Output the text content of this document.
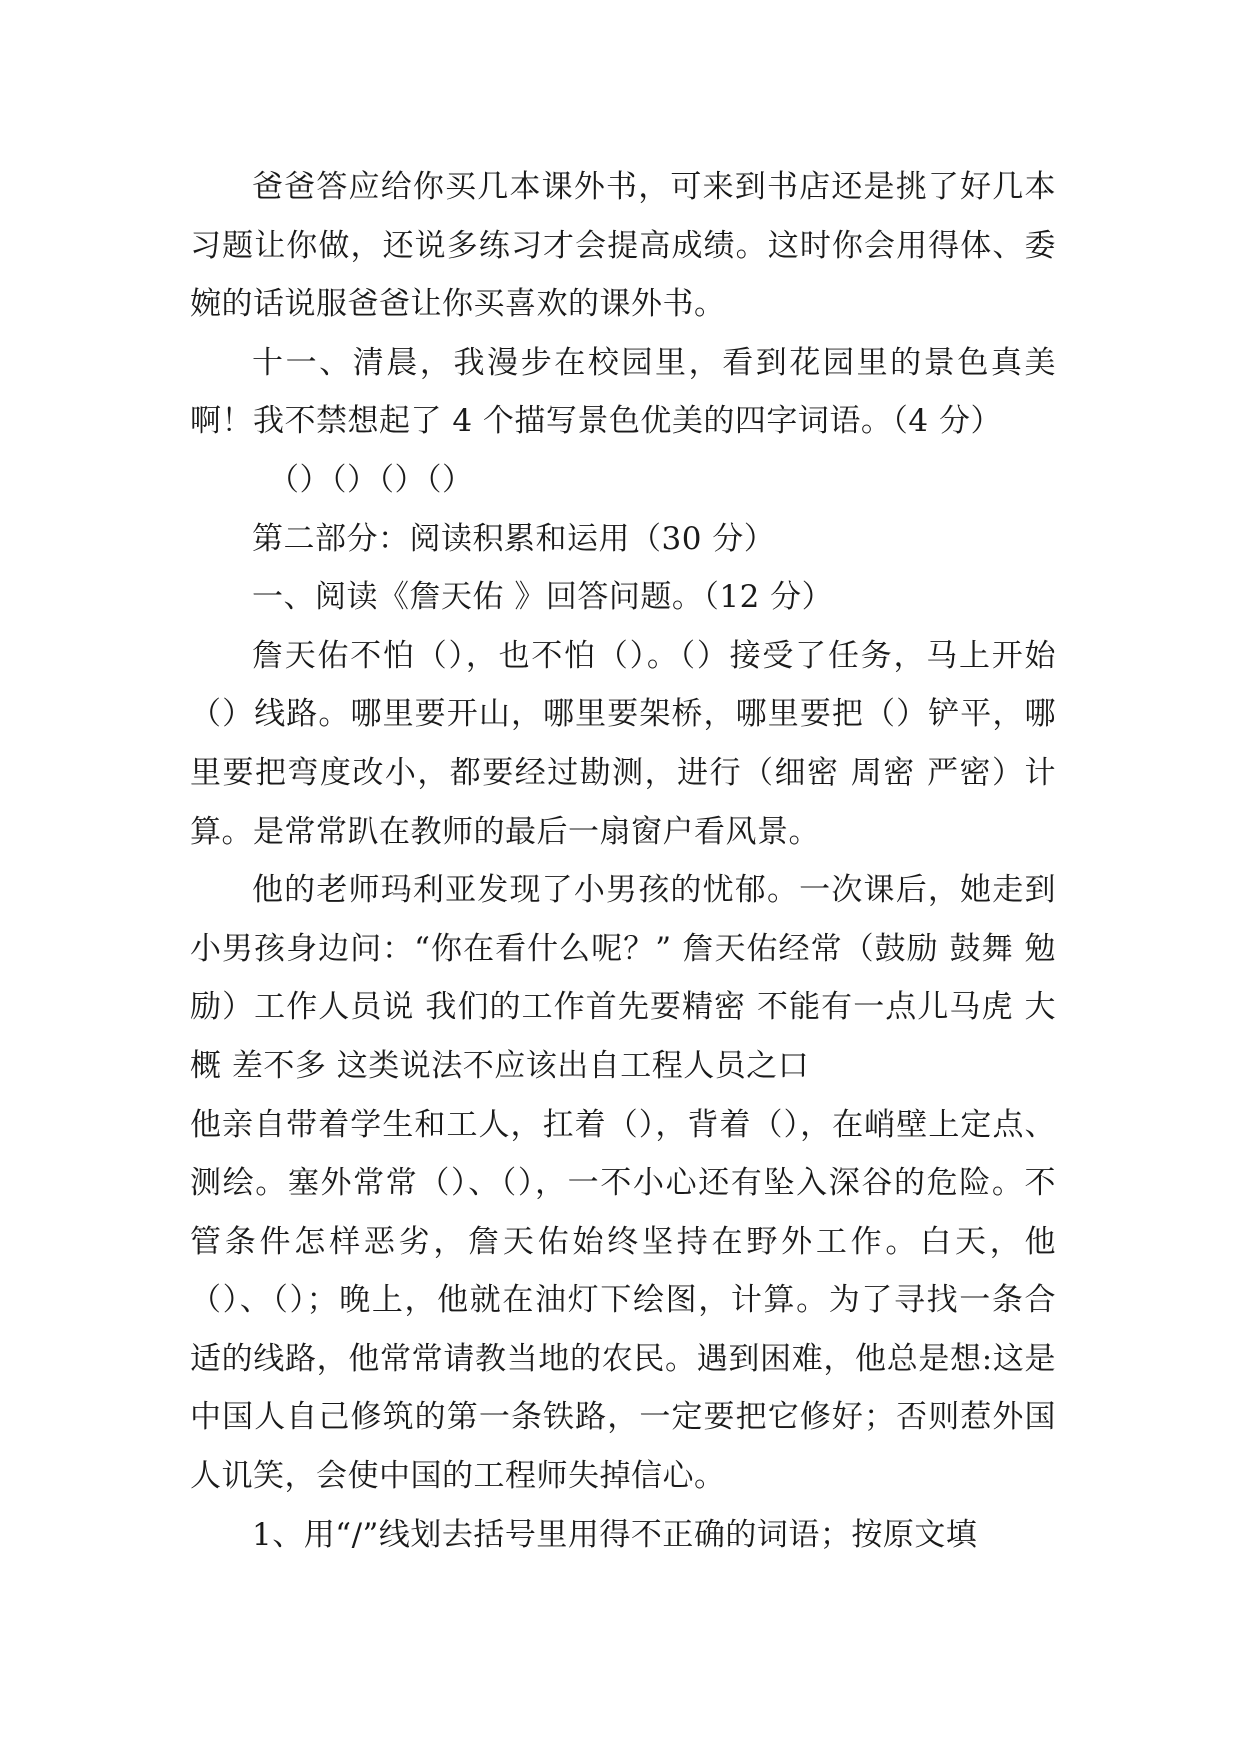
爸爸答应给你买几本课外书，可来到书店还是挑了好几本习题让你做，还说多练习才会提高成绩。这时你会用得体、委婉的话说服爸爸让你买喜欢的课外书。

十一、清晨，我漫步在校园里，看到花园里的景色真美啊！我不禁想起了 4 个描写景色优美的四字词语。（4 分）

（）（）（）（）

第二部分：阅读积累和运用（30 分）

一、阅读《詹天佑 》回答问题。（12 分）

詹天佑不怕（），也不怕（）。（）接受了任务，马上开始（）线路。哪里要开山，哪里要架桥，哪里要把（）铲平，哪里要把弯度改小，都要经过勘测，进行（细密 周密 严密）计算。是常常趴在教师的最后一扇窗户看风景。

他的老师玛利亚发现了小男孩的忧郁。一次课后，她走到小男孩身边问：“你在看什么呢？” 詹天佑经常（鼓励 鼓舞 勉励）工作人员说 我们的工作首先要精密 不能有一点儿马虎 大概 差不多 这类说法不应该出自工程人员之口

他亲自带着学生和工人，扛着（），背着（），在峭壁上定点、测绘。塞外常常（）、（），一不小心还有坠入深谷的危险。不管条件怎样恶劣，詹天佑始终坚持在野外工作。白天，他（）、（）；晚上，他就在油灯下绘图，计算。为了寻找一条合适的线路，他常常请教当地的农民。遇到困难，他总是想:这是中国人自己修筑的第一条铁路，一定要把它修好；否则惹外国人讥笑，会使中国的工程师失掉信心。

1、用“/”线划去括号里用得不正确的词语；按原文填
